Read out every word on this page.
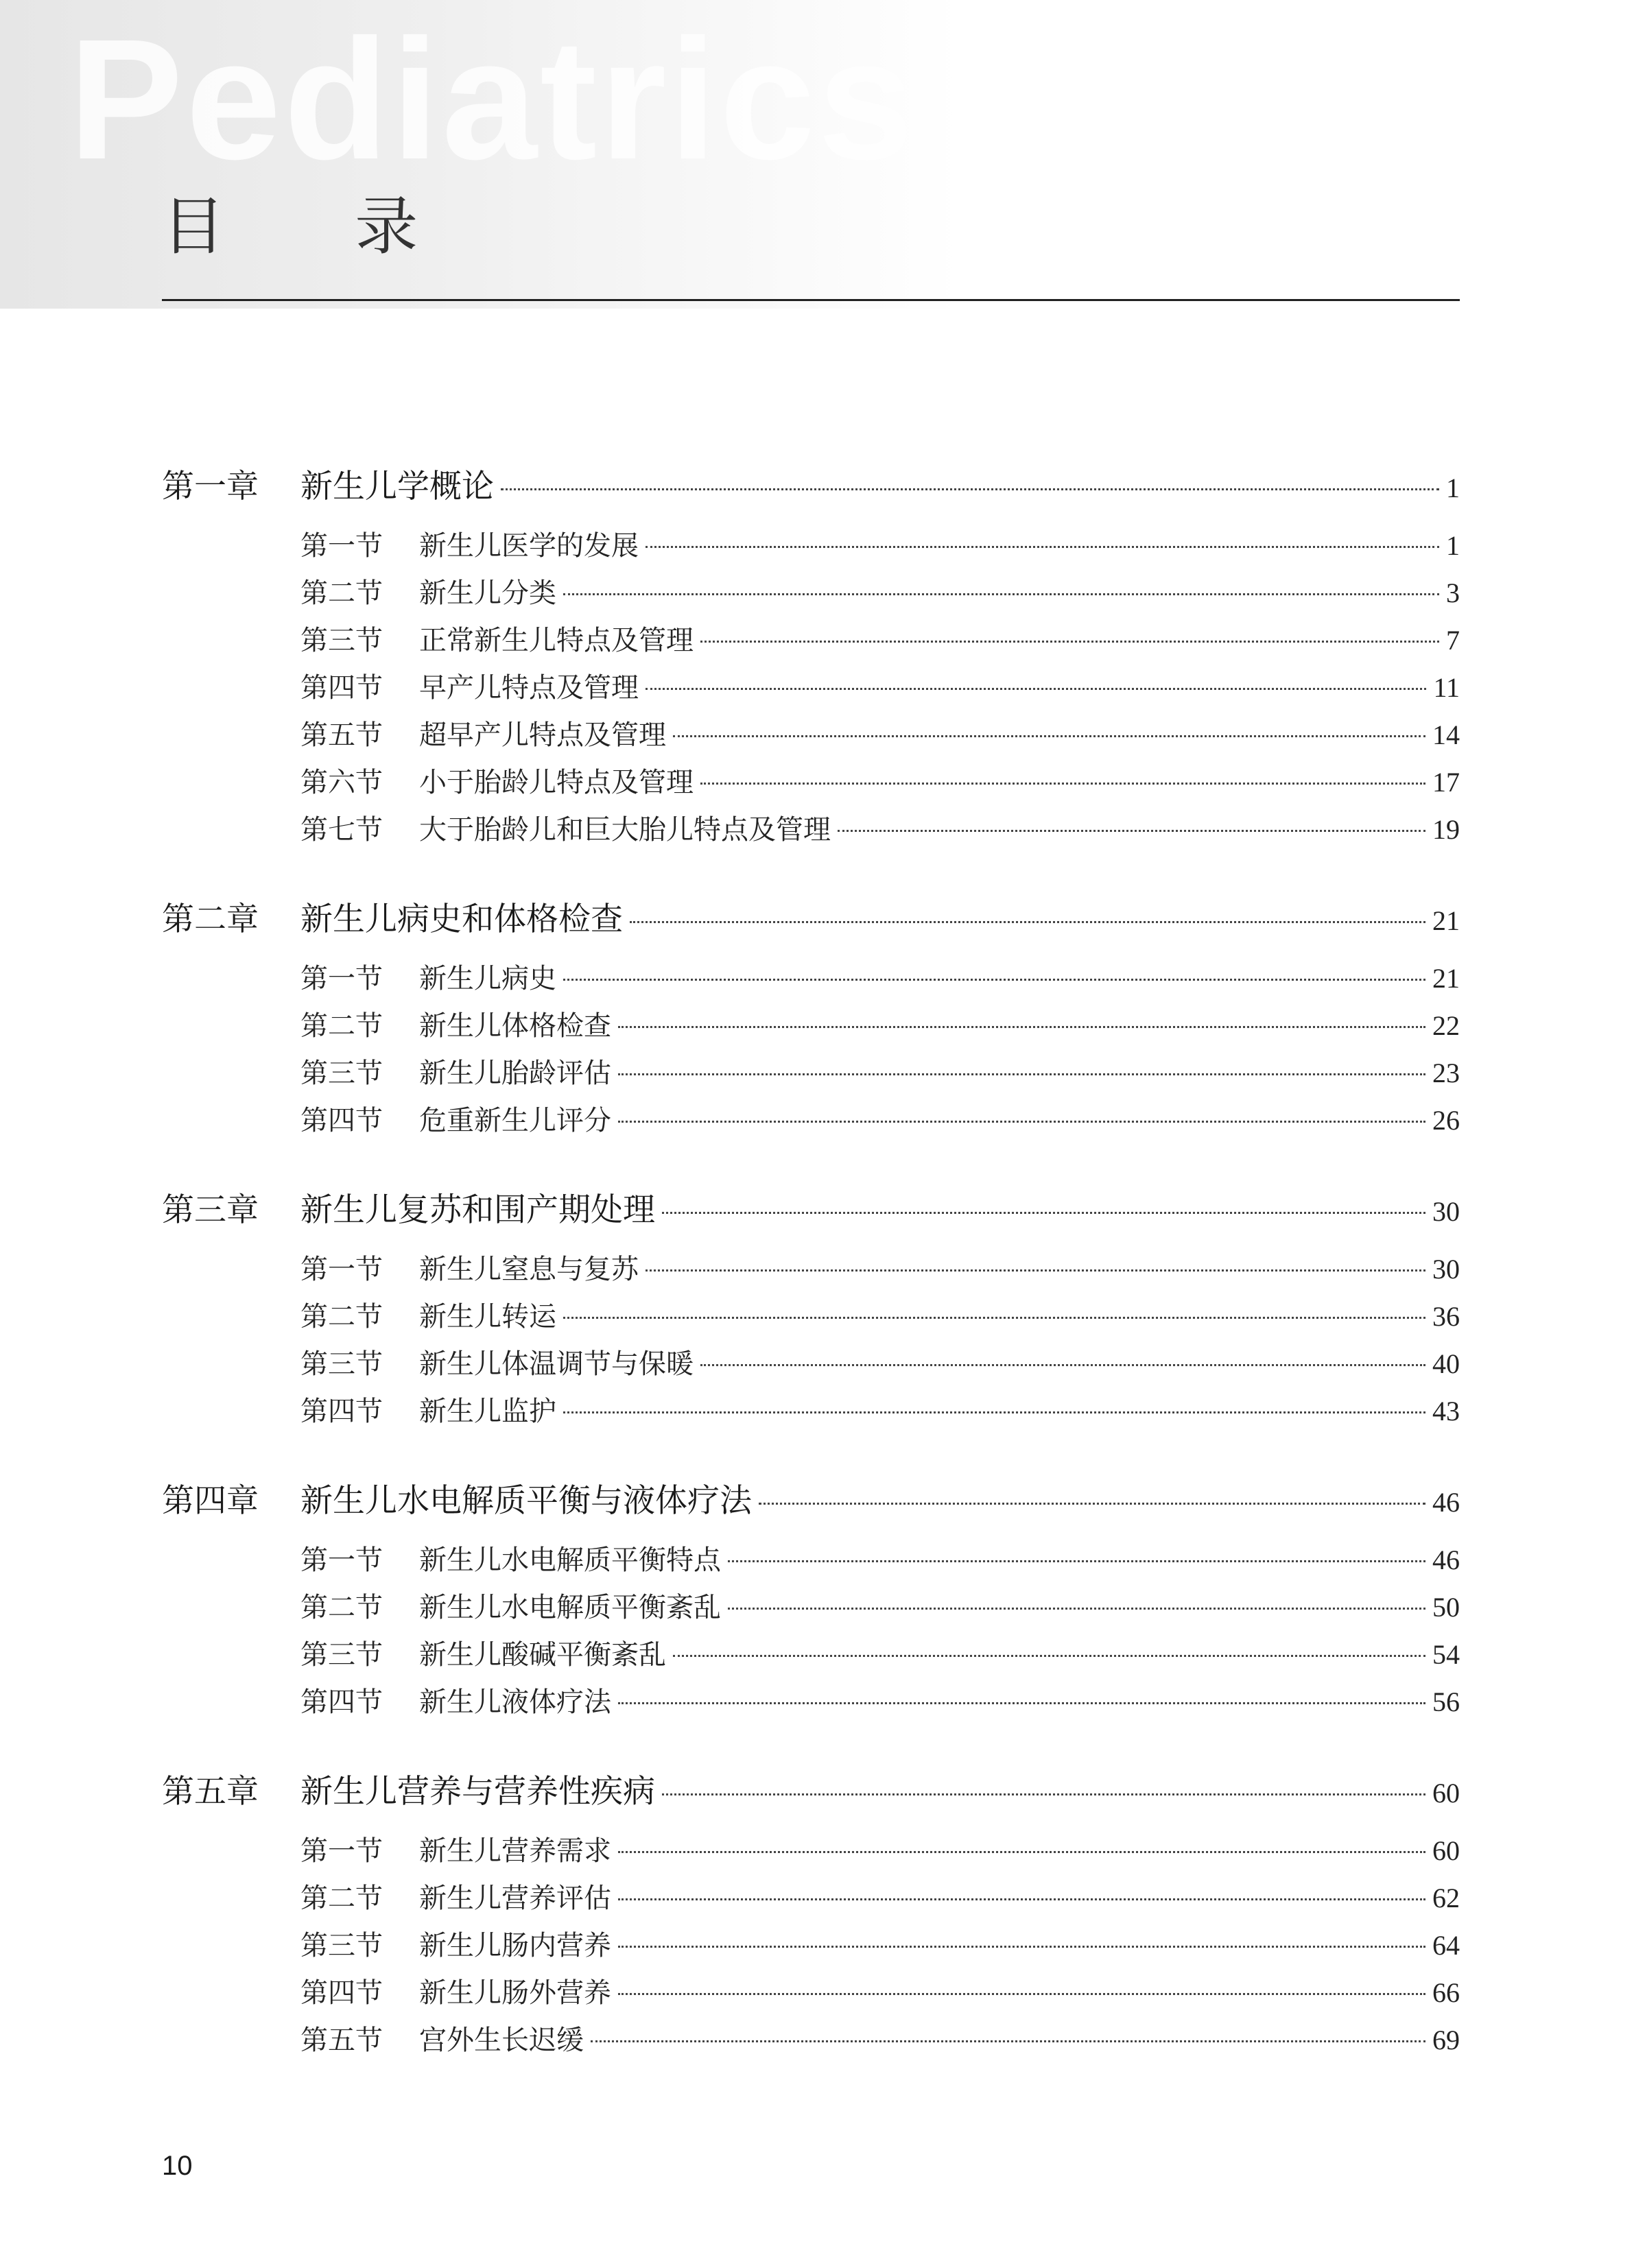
Pediatrics
目 录
第一章	新生儿学概论	1
第一节	新生儿医学的发展	1
第二节	新生儿分类	3
第三节	正常新生儿特点及管理	7
第四节	早产儿特点及管理	11
第五节	超早产儿特点及管理	14
第六节	小于胎龄儿特点及管理	17
第七节	大于胎龄儿和巨大胎儿特点及管理	19
第二章	新生儿病史和体格检查	21
第一节	新生儿病史	21
第二节	新生儿体格检查	22
第三节	新生儿胎龄评估	23
第四节	危重新生儿评分	26
第三章	新生儿复苏和围产期处理	30
第一节	新生儿窒息与复苏	30
第二节	新生儿转运	36
第三节	新生儿体温调节与保暖	40
第四节	新生儿监护	43
第四章	新生儿水电解质平衡与液体疗法	46
第一节	新生儿水电解质平衡特点	46
第二节	新生儿水电解质平衡紊乱	50
第三节	新生儿酸碱平衡紊乱	54
第四节	新生儿液体疗法	56
第五章	新生儿营养与营养性疾病	60
第一节	新生儿营养需求	60
第二节	新生儿营养评估	62
第三节	新生儿肠内营养	64
第四节	新生儿肠外营养	66
第五节	宫外生长迟缓	69
10
